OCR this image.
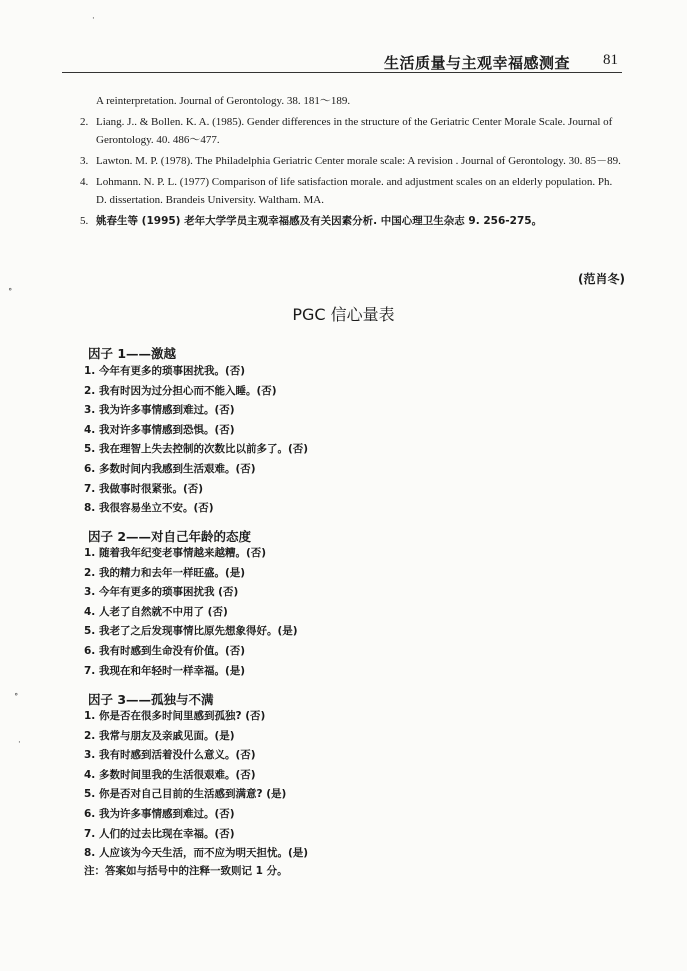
生活质量与主观幸福感测查 81
A reinterpretation. Journal of Gerontology. 38. 181～189.
2. Liang. J.. & Bollen. K. A. (1985). Gender differences in the structure of the Geriatric Center Morale Scale. Journal of Gerontology. 40. 486～477.
3. Lawton. M. P. (1978). The Philadelphia Geriatric Center morale scale: A revision . Journal of Gerontology. 30. 85－89.
4. Lohmann. N. P. L. (1977) Comparison of life satisfaction morale. and adjustment scales on an elderly population. Ph. D. dissertation. Brandeis University. Waltham. MA.
5. 姚春生等 (1995) 老年大学学员主观幸福感及有关因素分析. 中国心理卫生杂志 9. 256-275。
(范肖冬)
PGC 信心量表
因子 1——激越
1. 今年有更多的琐事困扰我。(否)
2. 我有时因为过分担心而不能入睡。(否)
3. 我为许多事情感到难过。(否)
4. 我对许多事情感到恐惧。(否)
5. 我在理智上失去控制的次数比以前多了。(否)
6. 多数时间内我感到生活艰难。(否)
7. 我做事时很紧张。(否)
8. 我很容易坐立不安。(否)
因子 2——对自己年龄的态度
1. 随着我年纪变老事情越来越糟。(否)
2. 我的精力和去年一样旺盛。(是)
3. 今年有更多的琐事困扰我 (否)
4. 人老了自然就不中用了 (否)
5. 我老了之后发现事情比原先想象得好。(是)
6. 我有时感到生命没有价值。(否)
7. 我现在和年轻时一样幸福。(是)
因子 3——孤独与不满
1. 你是否在很多时间里感到孤独? (否)
2. 我常与朋友及亲戚见面。(是)
3. 我有时感到活着没什么意义。(否)
4. 多数时间里我的生活很艰难。(否)
5. 你是否对自己目前的生活感到满意? (是)
6. 我为许多事情感到难过。(否)
7. 人们的过去比现在幸福。(否)
8. 人应该为今天生活，而不应为明天担忧。(是)
注：答案如与括号中的注释一致则记 1 分。
·
∘
∘
·
